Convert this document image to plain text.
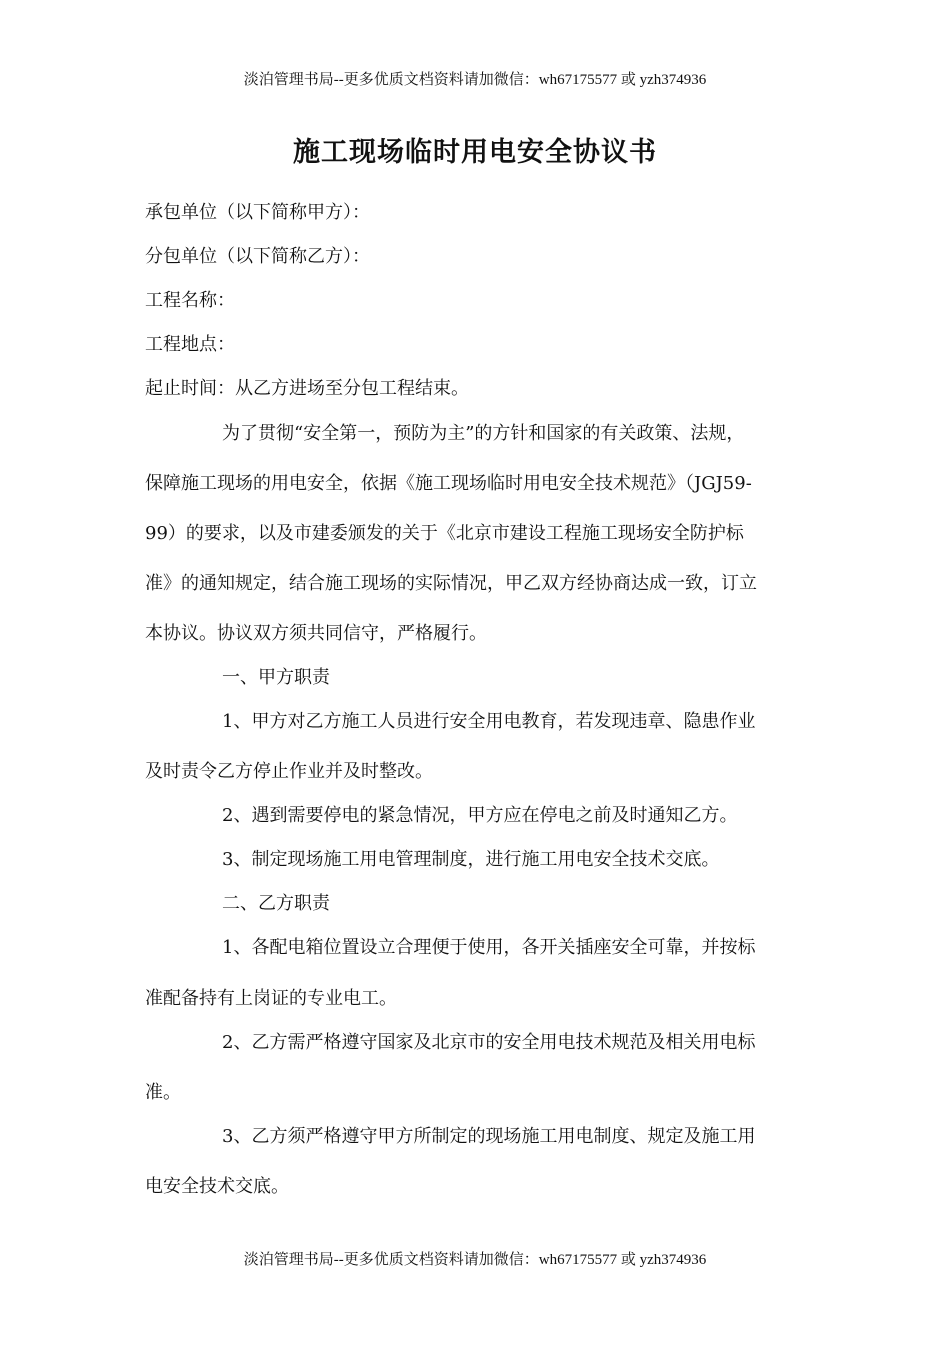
淡泊管理书局--更多优质文档资料请加微信：wh67175577 或 yzh374936
施工现场临时用电安全协议书
承包单位（以下简称甲方）：
分包单位（以下简称乙方）：
工程名称：
工程地点：
起止时间：从乙方进场至分包工程结束。
为了贯彻“安全第一，预防为主”的方针和国家的有关政策、法规，
保障施工现场的用电安全，依据《施工现场临时用电安全技术规范》（JGJ59-
99）的要求，以及市建委颁发的关于《北京市建设工程施工现场安全防护标
准》的通知规定，结合施工现场的实际情况，甲乙双方经协商达成一致，订立
本协议。协议双方须共同信守，严格履行。
一、甲方职责
1、甲方对乙方施工人员进行安全用电教育，若发现违章、隐患作业
及时责令乙方停止作业并及时整改。
2、遇到需要停电的紧急情况，甲方应在停电之前及时通知乙方。
3、制定现场施工用电管理制度，进行施工用电安全技术交底。
二、乙方职责
1、各配电箱位置设立合理便于使用，各开关插座安全可靠，并按标
准配备持有上岗证的专业电工。
2、乙方需严格遵守国家及北京市的安全用电技术规范及相关用电标
准。
3、乙方须严格遵守甲方所制定的现场施工用电制度、规定及施工用
电安全技术交底。
淡泊管理书局--更多优质文档资料请加微信：wh67175577 或 yzh374936
